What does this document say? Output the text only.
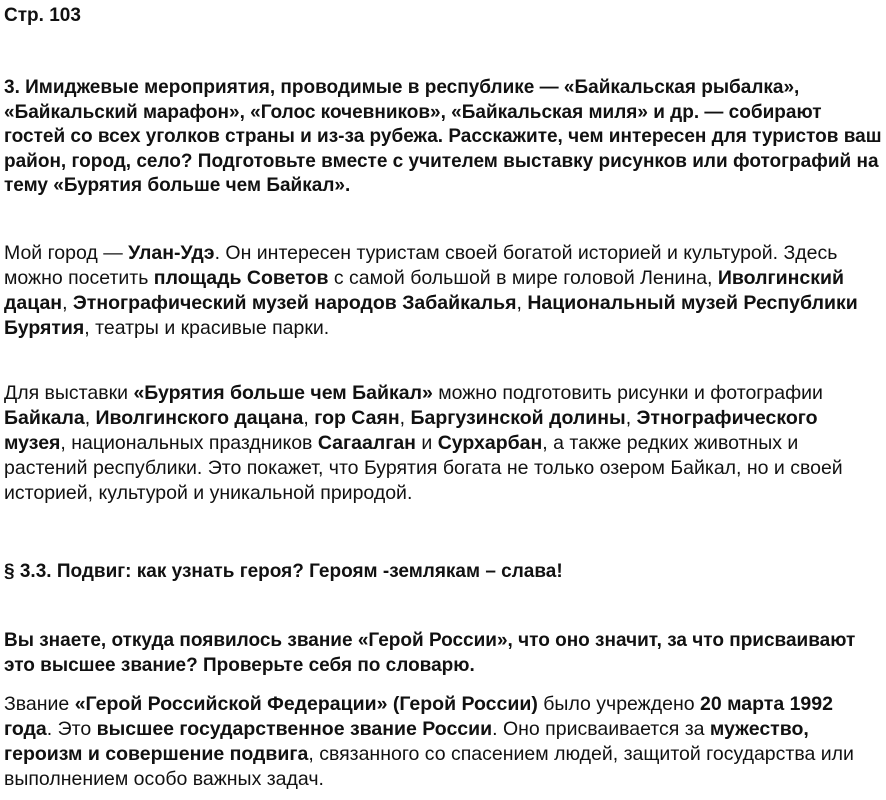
Стр. 103

3. Имиджевые мероприятия, проводимые в республике — «Байкальская рыбалка», «Байкальский марафон», «Голос кочевников», «Байкальская миля» и др. — собирают гостей со всех уголков страны и из-за рубежа. Расскажите, чем интересен для туристов ваш район, город, село? Подготовьте вместе с учителем выставку рисунков или фотографий на тему «Бурятия больше чем Байкал».

Мой город — Улан-Удэ. Он интересен туристам своей богатой историей и культурой. Здесь можно посетить площадь Советов с самой большой в мире головой Ленина, Иволгинский дацан, Этнографический музей народов Забайкалья, Национальный музей Республики Бурятия, театры и красивые парки.

Для выставки «Бурятия больше чем Байкал» можно подготовить рисунки и фотографии Байкала, Иволгинского дацана, гор Саян, Баргузинской долины, Этнографического музея, национальных праздников Сагаалган и Сурхарбан, а также редких животных и растений республики. Это покажет, что Бурятия богата не только озером Байкал, но и своей историей, культурой и уникальной природой.

§ 3.3. Подвиг: как узнать героя? Героям -землякам – слава!

Вы знаете, откуда появилось звание «Герой России», что оно значит, за что присваивают это высшее звание? Проверьте себя по словарю.

Звание «Герой Российской Федерации» (Герой России) было учреждено 20 марта 1992 года. Это высшее государственное звание России. Оно присваивается за мужество, героизм и совершение подвига, связанного со спасением людей, защитой государства или выполнением особо важных задач.
